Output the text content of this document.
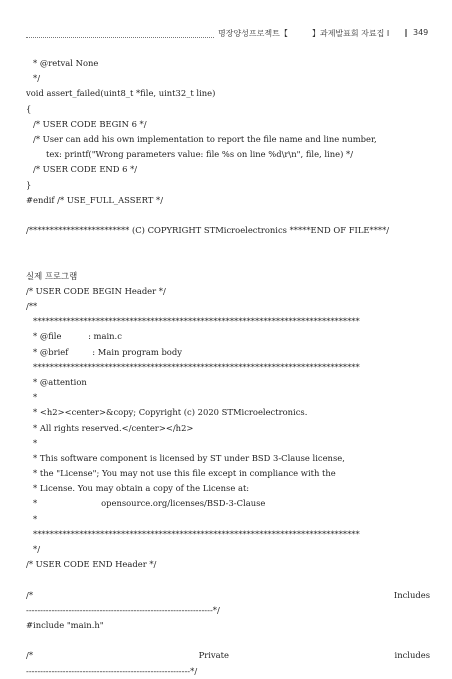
명장양성프로젝트【	】과제발표회 자료집 I ‖ 349
* @retval None
*/
void assert_failed(uint8_t *file, uint32_t line)
{
/* USER CODE BEGIN 6 */
/* User can add his own implementation to report the file name and line number,
tex: printf("Wrong parameters value: file %s on line %d\r\n", file, line) */
/* USER CODE END 6 */
}
#endif /* USE_FULL_ASSERT */
/************************ (C) COPYRIGHT STMicroelectronics *****END OF FILE****/
실제 프로그램
/* USER CODE BEGIN Header */
/**
******************************************************************************
* @file          : main.c
* @brief         : Main program body
******************************************************************************
* @attention
*
* <h2><center>&copy; Copyright (c) 2020 STMicroelectronics.
* All rights reserved.</center></h2>
*
* This software component is licensed by ST under BSD 3-Clause license,
* the "License"; You may not use this file except in compliance with the
* License. You may obtain a copy of the License at:
*                        opensource.org/licenses/BSD-3-Clause
*
******************************************************************************
*/
/* USER CODE END Header */
/*	Includes
------------------------------------------------------------------*/
#include "main.h"
/*	Private	includes
----------------------------------------------------------*/
